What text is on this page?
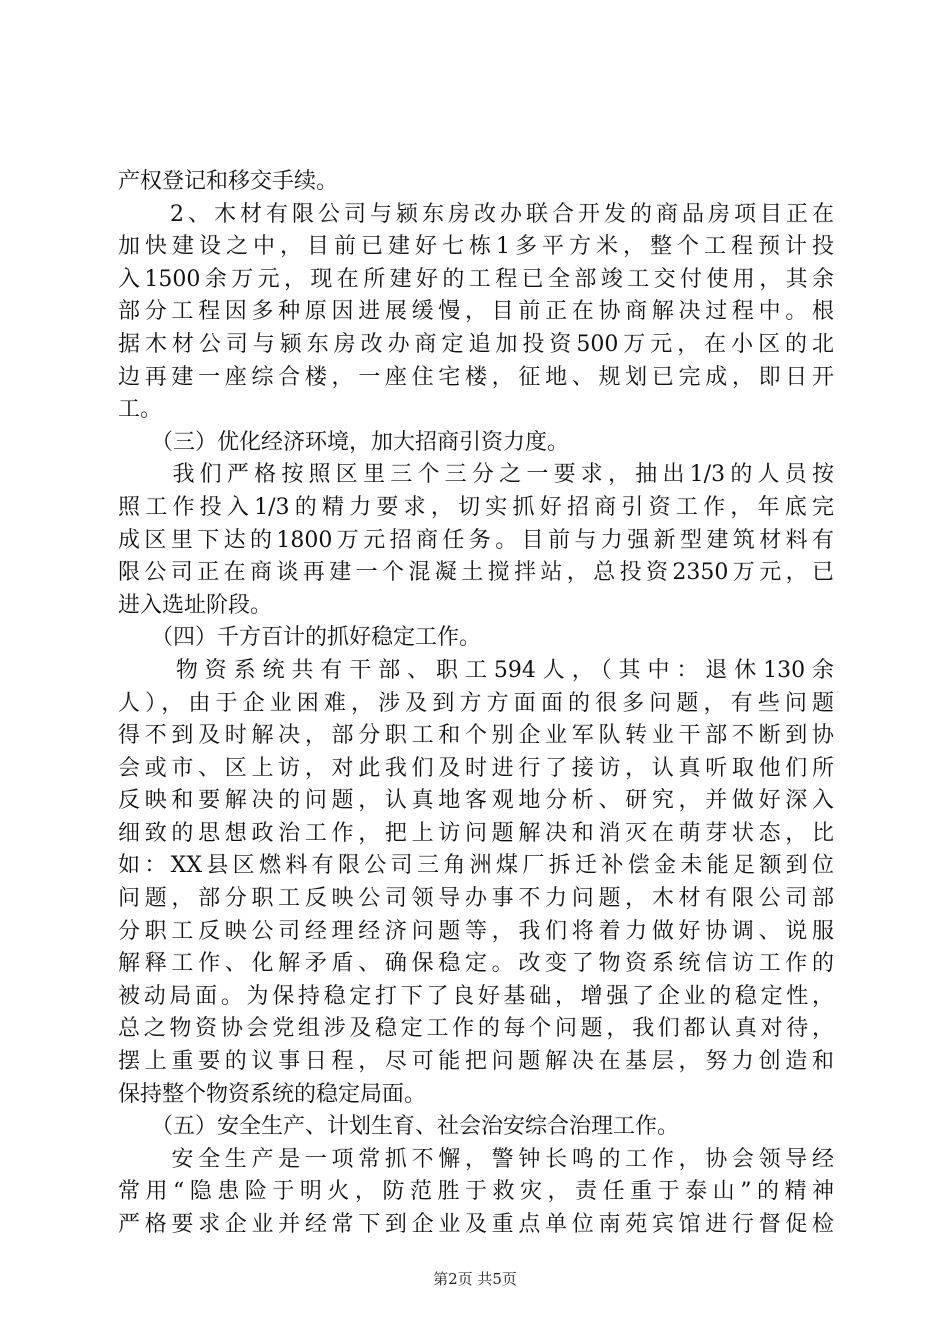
产权登记和移交手续。
　　2、木材有限公司与颍东房改办联合开发的商品房项目正在
加快建设之中，目前已建好七栋1多平方米，整个工程预计投
入1500余万元，现在所建好的工程已全部竣工交付使用，其余
部分工程因多种原因进展缓慢，目前正在协商解决过程中。根
据木材公司与颍东房改办商定追加投资500万元，在小区的北
边再建一座综合楼，一座住宅楼，征地、规划已完成，即日开
工。
　　（三）优化经济环境，加大招商引资力度。
　　我们严格按照区里三个三分之一要求，抽出1/3的人员按
照工作投入1/3的精力要求，切实抓好招商引资工作，年底完
成区里下达的1800万元招商任务。目前与力强新型建筑材料有
限公司正在商谈再建一个混凝土搅拌站，总投资2350万元，已
进入选址阶段。
　　（四）千方百计的抓好稳定工作。
　　物资系统共有干部、职工594人，（其中：退休130余
人），由于企业困难，涉及到方方面面的很多问题，有些问题
得不到及时解决，部分职工和个别企业军队转业干部不断到协
会或市、区上访，对此我们及时进行了接访，认真听取他们所
反映和要解决的问题，认真地客观地分析、研究，并做好深入
细致的思想政治工作，把上访问题解决和消灭在萌芽状态，比
如：XX县区燃料有限公司三角洲煤厂拆迁补偿金未能足额到位
问题，部分职工反映公司领导办事不力问题，木材有限公司部
分职工反映公司经理经济问题等，我们将着力做好协调、说服
解释工作、化解矛盾、确保稳定。改变了物资系统信访工作的
被动局面。为保持稳定打下了良好基础，增强了企业的稳定性，
总之物资协会党组涉及稳定工作的每个问题，我们都认真对待，
摆上重要的议事日程，尽可能把问题解决在基层，努力创造和
保持整个物资系统的稳定局面。
　　（五）安全生产、计划生育、社会治安综合治理工作。
　　安全生产是一项常抓不懈，警钟长鸣的工作，协会领导经
常用“隐患险于明火，防范胜于救灾，责任重于泰山”的精神
严格要求企业并经常下到企业及重点单位南苑宾馆进行督促检
第2页 共5页
